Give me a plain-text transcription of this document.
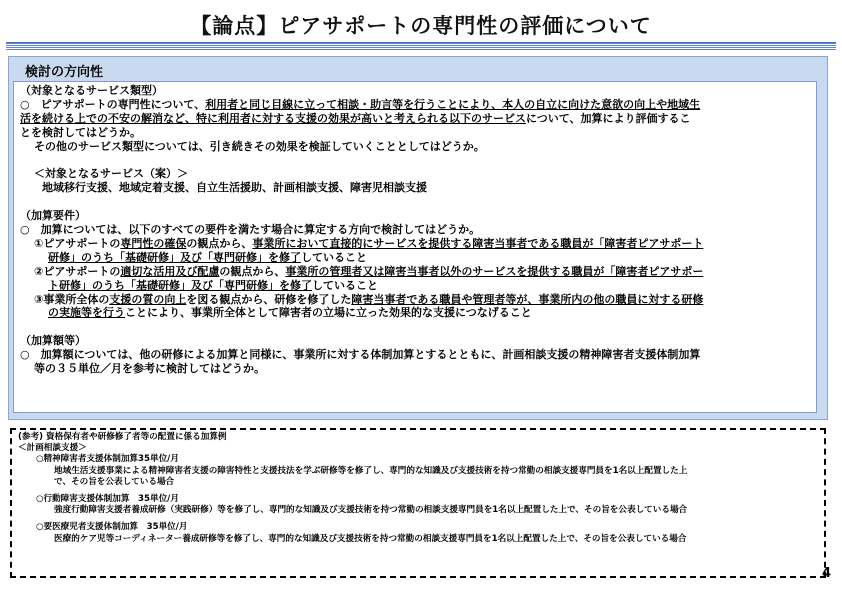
【論点】ピアサポートの専門性の評価について
検討の方向性
（対象となるサービス類型）
○　ピアサポートの専門性について、利用者と同じ目線に立って相談・助言等を行うことにより、本人の自立に向けた意欲の向上や地域生
活を続ける上での不安の解消など、特に利用者に対する支援の効果が高いと考えられる以下のサービスについて、加算により評価するこ
とを検討してはどうか。
その他のサービス類型については、引き続きその効果を検証していくこととしてはどうか。
＜対象となるサービス（案）＞
地域移行支援、地域定着支援、自立生活援助、計画相談支援、障害児相談支援
（加算要件）
○　加算については、以下のすべての要件を満たす場合に算定する方向で検討してはどうか。
①ピアサポートの専門性の確保の観点から、事業所において直接的にサービスを提供する障害当事者である職員が「障害者ピアサポート
研修」のうち「基礎研修」及び「専門研修」を修了していること
②ピアサポートの適切な活用及び配慮の観点から、事業所の管理者又は障害当事者以外のサービスを提供する職員が「障害者ピアサポー
ト研修」のうち「基礎研修」及び「専門研修」を修了していること
③事業所全体の支援の質の向上を図る観点から、研修を修了した障害当事者である職員や管理者等が、事業所内の他の職員に対する研修
の実施等を行うことにより、事業所全体として障害者の立場に立った効果的な支援につなげること
（加算額等）
○　加算額については、他の研修による加算と同様に、事業所に対する体制加算とするとともに、計画相談支援の精神障害者支援体制加算
等の３５単位／月を参考に検討してはどうか。
(参考) 資格保有者や研修修了者等の配置に係る加算例
＜計画相談支援＞
○精神障害者支援体制加算35単位/月
地域生活支援事業による精神障害者支援の障害特性と支援技法を学ぶ研修等を修了し、専門的な知識及び支援技術を持つ常勤の相談支援専門員を1名以上配置した上
で、その旨を公表している場合
○行動障害支援体制加算　35単位/月
強度行動障害支援者養成研修（実践研修）等を修了し、専門的な知識及び支援技術を持つ常勤の相談支援専門員を1名以上配置した上で、その旨を公表している場合
○要医療児者支援体制加算　35単位/月
医療的ケア児等コーディネーター養成研修等を修了し、専門的な知識及び支援技術を持つ常勤の相談支援専門員を1名以上配置した上で、その旨を公表している場合
4
